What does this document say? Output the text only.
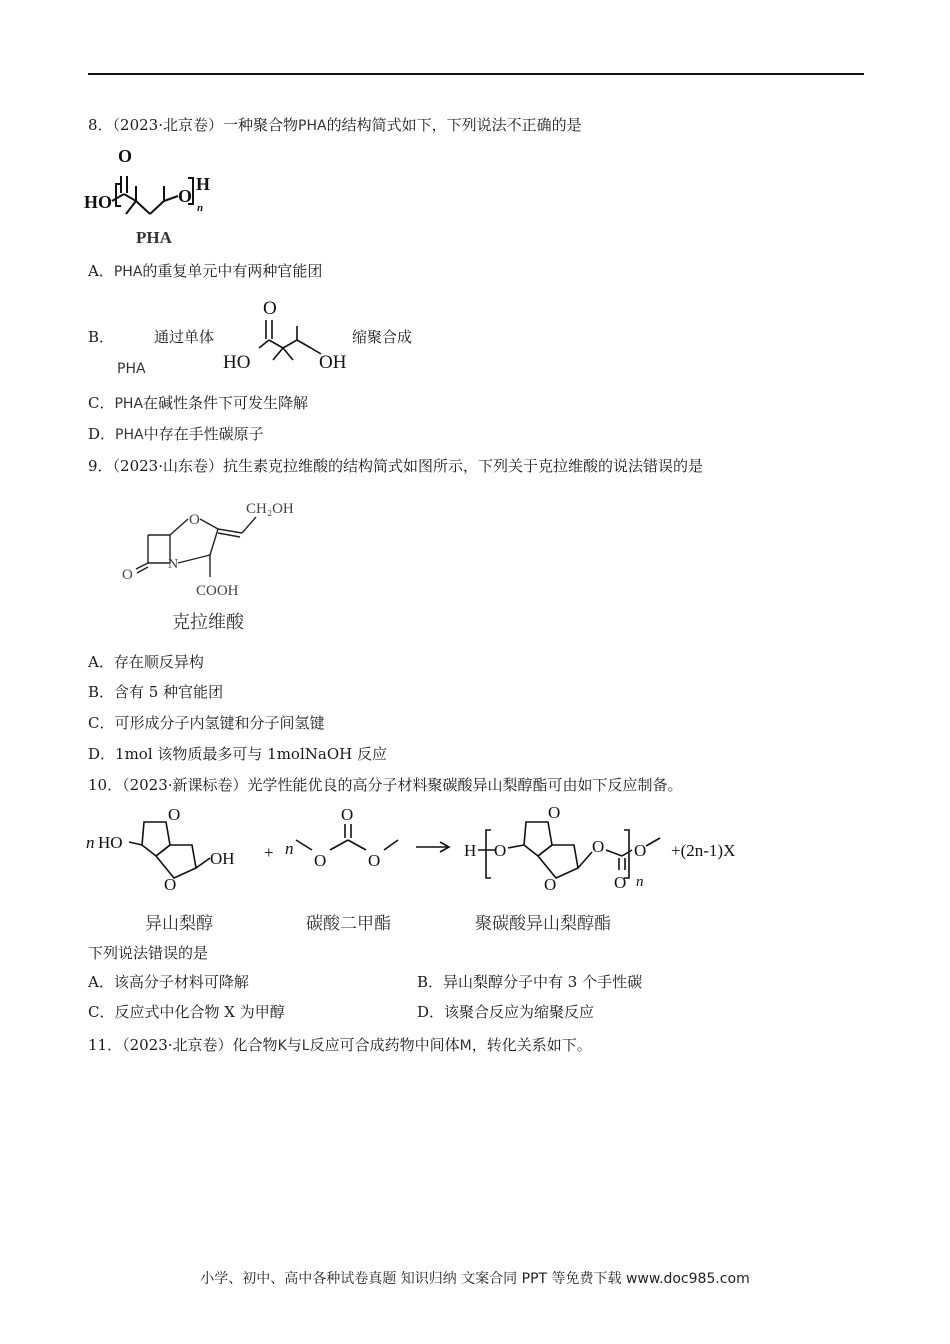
8．（2023·北京卷）一种聚合物PHA的结构简式如下，下列说法不正确的是
HO
O
O
H
n
PHA
A．PHA的重复单元中有两种官能团
B．	通过单体
PHA
O
HO	OH
缩聚合成
C．PHA在碱性条件下可发生降解
D．PHA中存在手性碳原子
9．（2023·山东卷）抗生素克拉维酸的结构简式如图所示，下列关于克拉维酸的说法错误的是
CH₂OH
O
N
O
COOH
克拉维酸
A．存在顺反异构
B．含有 5 种官能团
C．可形成分子内氢键和分子间氢键
D．1mol 该物质最多可与 1molNaOH 反应
10．（2023·新课标卷）光学性能优良的高分子材料聚碳酸异山梨醇酯可由如下反应制备。
n HO
O
O
OH + n
O
O
O
H O
O
O
O
O
O
n
+(2n-1)X
异山梨醇	碳酸二甲酯	聚碳酸异山梨醇酯
下列说法错误的是
A．该高分子材料可降解	B．异山梨醇分子中有 3 个手性碳
C．反应式中化合物 X 为甲醇	D．该聚合反应为缩聚反应
11．（2023·北京卷）化合物K与L反应可合成药物中间体M，转化关系如下。
小学、初中、高中各种试卷真题 知识归纳 文案合同 PPT 等免费下载 www.doc985.com
